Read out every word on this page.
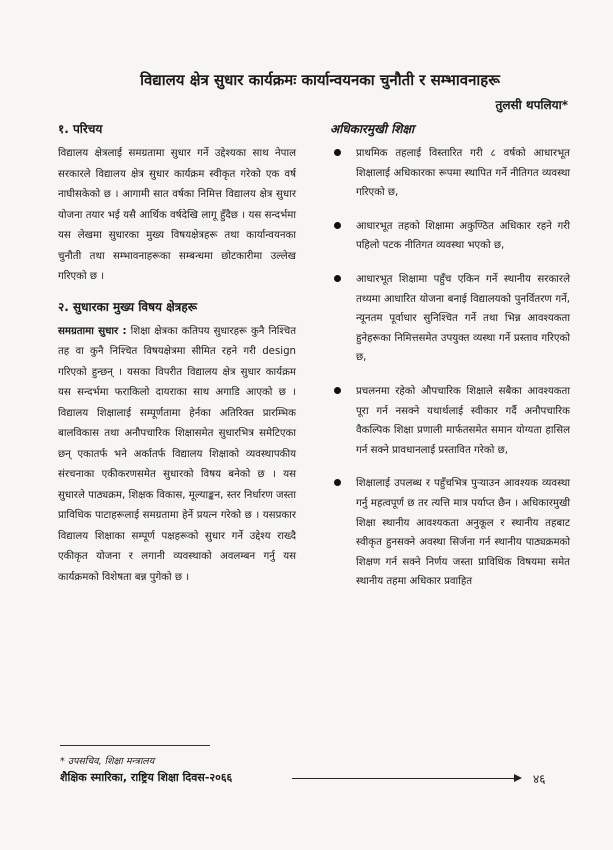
विद्यालय क्षेत्र सुधार कार्यक्रमः कार्यान्वयनका चुनौती र सम्भावनाहरू
तुलसी थपलिया*
१. परिचय

विद्यालय क्षेत्रलाई समग्रतामा सुधार गर्ने उद्देश्यका साथ नेपाल सरकारले विद्यालय क्षेत्र सुधार कार्यक्रम स्वीकृत गरेको एक वर्ष नाघीसकेको छ । आगामी सात वर्षका निमित्त विद्यालय क्षेत्र सुधार योजना तयार भई यसै आर्थिक वर्षदेखि लागू हुँदैछ । यस सन्दर्भमा यस लेखमा सुधारका मुख्य विषयक्षेत्रहरू तथा कार्यान्वयनका चुनौती तथा सम्भावनाहरूका सम्बन्धमा छोटकारीमा उल्लेख गरिएको छ ।

२. सुधारका मुख्य विषय क्षेत्रहरू

समग्रतामा सुधार : शिक्षा क्षेत्रका कतिपय सुधारहरू कुनै निश्चित तह वा कुनै निश्चित विषयक्षेत्रमा सीमित रहने गरी design गरिएको हुन्छन् । यसका विपरीत विद्यालय क्षेत्र सुधार कार्यक्रम यस सन्दर्भमा फराकिलो दायराका साथ अगाडि आएको छ । विद्यालय शिक्षालाई सम्पूर्णतामा हेर्नका अतिरिक्त प्रारम्भिक बालविकास तथा अनौपचारिक शिक्षासमेत सुधारभित्र समेटिएका छन् एकातर्फ भने अर्कातर्फ विद्यालय शिक्षाको व्यवस्थापकीय संरचनाका एकीकरणसमेत सुधारको विषय बनेको छ । यस सुधारले पाठ्यक्रम, शिक्षक विकास, मूल्याङ्कन, स्तर निर्धारण जस्ता प्राविधिक पाटाहरूलाई समग्रतामा हेर्ने प्रयत्न गरेको छ । यसप्रकार विद्यालय शिक्षाका सम्पूर्ण पक्षहरूको सुधार गर्ने उद्देश्य राख्दै एकीकृत योजना र लगानी व्यवस्थाको अवलम्बन गर्नु यस कार्यक्रमको विशेषता बन्न पुगेको छ ।

अधिकारमुखी शिक्षा

प्राथमिक तहलाई विस्तारित गरी ८ वर्षको आधारभूत शिक्षालाई अधिकारका रूपमा स्थापित गर्ने नीतिगत व्यवस्था गरिएको छ,

आधारभूत तहको शिक्षामा अकुण्ठित अधिकार रहने गरी पहिलो पटक नीतिगत व्यवस्था भएको छ,

आधारभूत शिक्षामा पहुँच एकिन गर्ने स्थानीय सरकारले तथ्यमा आधारित योजना बनाई विद्यालयको पुनर्वितरण गर्ने, न्यूनतम पूर्वाधार सुनिश्चित गर्ने तथा भिन्न आवश्यकता हुनेहरूका निमित्तसमेत उपयुक्त व्यस्था गर्ने प्रस्ताव गरिएको छ,

प्रचलनमा रहेको औपचारिक शिक्षाले सबैका आवश्यकता पूरा गर्न नसक्ने यथार्थलाई स्वीकार गर्दै अनौपचारिक वैकल्पिक शिक्षा प्रणाली मार्फतसमेत समान योग्यता हासिल गर्न सक्ने प्रावधानलाई प्रस्तावित गरेको छ,

शिक्षालाई उपलब्ध र पहुँचभित्र पुऱ्याउन आवश्यक व्यवस्था गर्नु महत्वपूर्ण छ तर त्यत्ति मात्र पर्याप्त छैन । अधिकारमुखी शिक्षा स्थानीय आवश्यकता अनुकूल र स्थानीय तहबाट स्वीकृत हुनसक्ने अवस्था सिर्जना गर्न स्थानीय पाठ्यक्रमको शिक्षण गर्न सक्ने निर्णय जस्ता प्राविधिक विषयमा समेत स्थानीय तहमा अधिकार प्रवाहित

* उपसचिव, शिक्षा मन्त्रालय
शैक्षिक स्मारिका, राष्ट्रिय शिक्षा दिवस-२०६६	४६
